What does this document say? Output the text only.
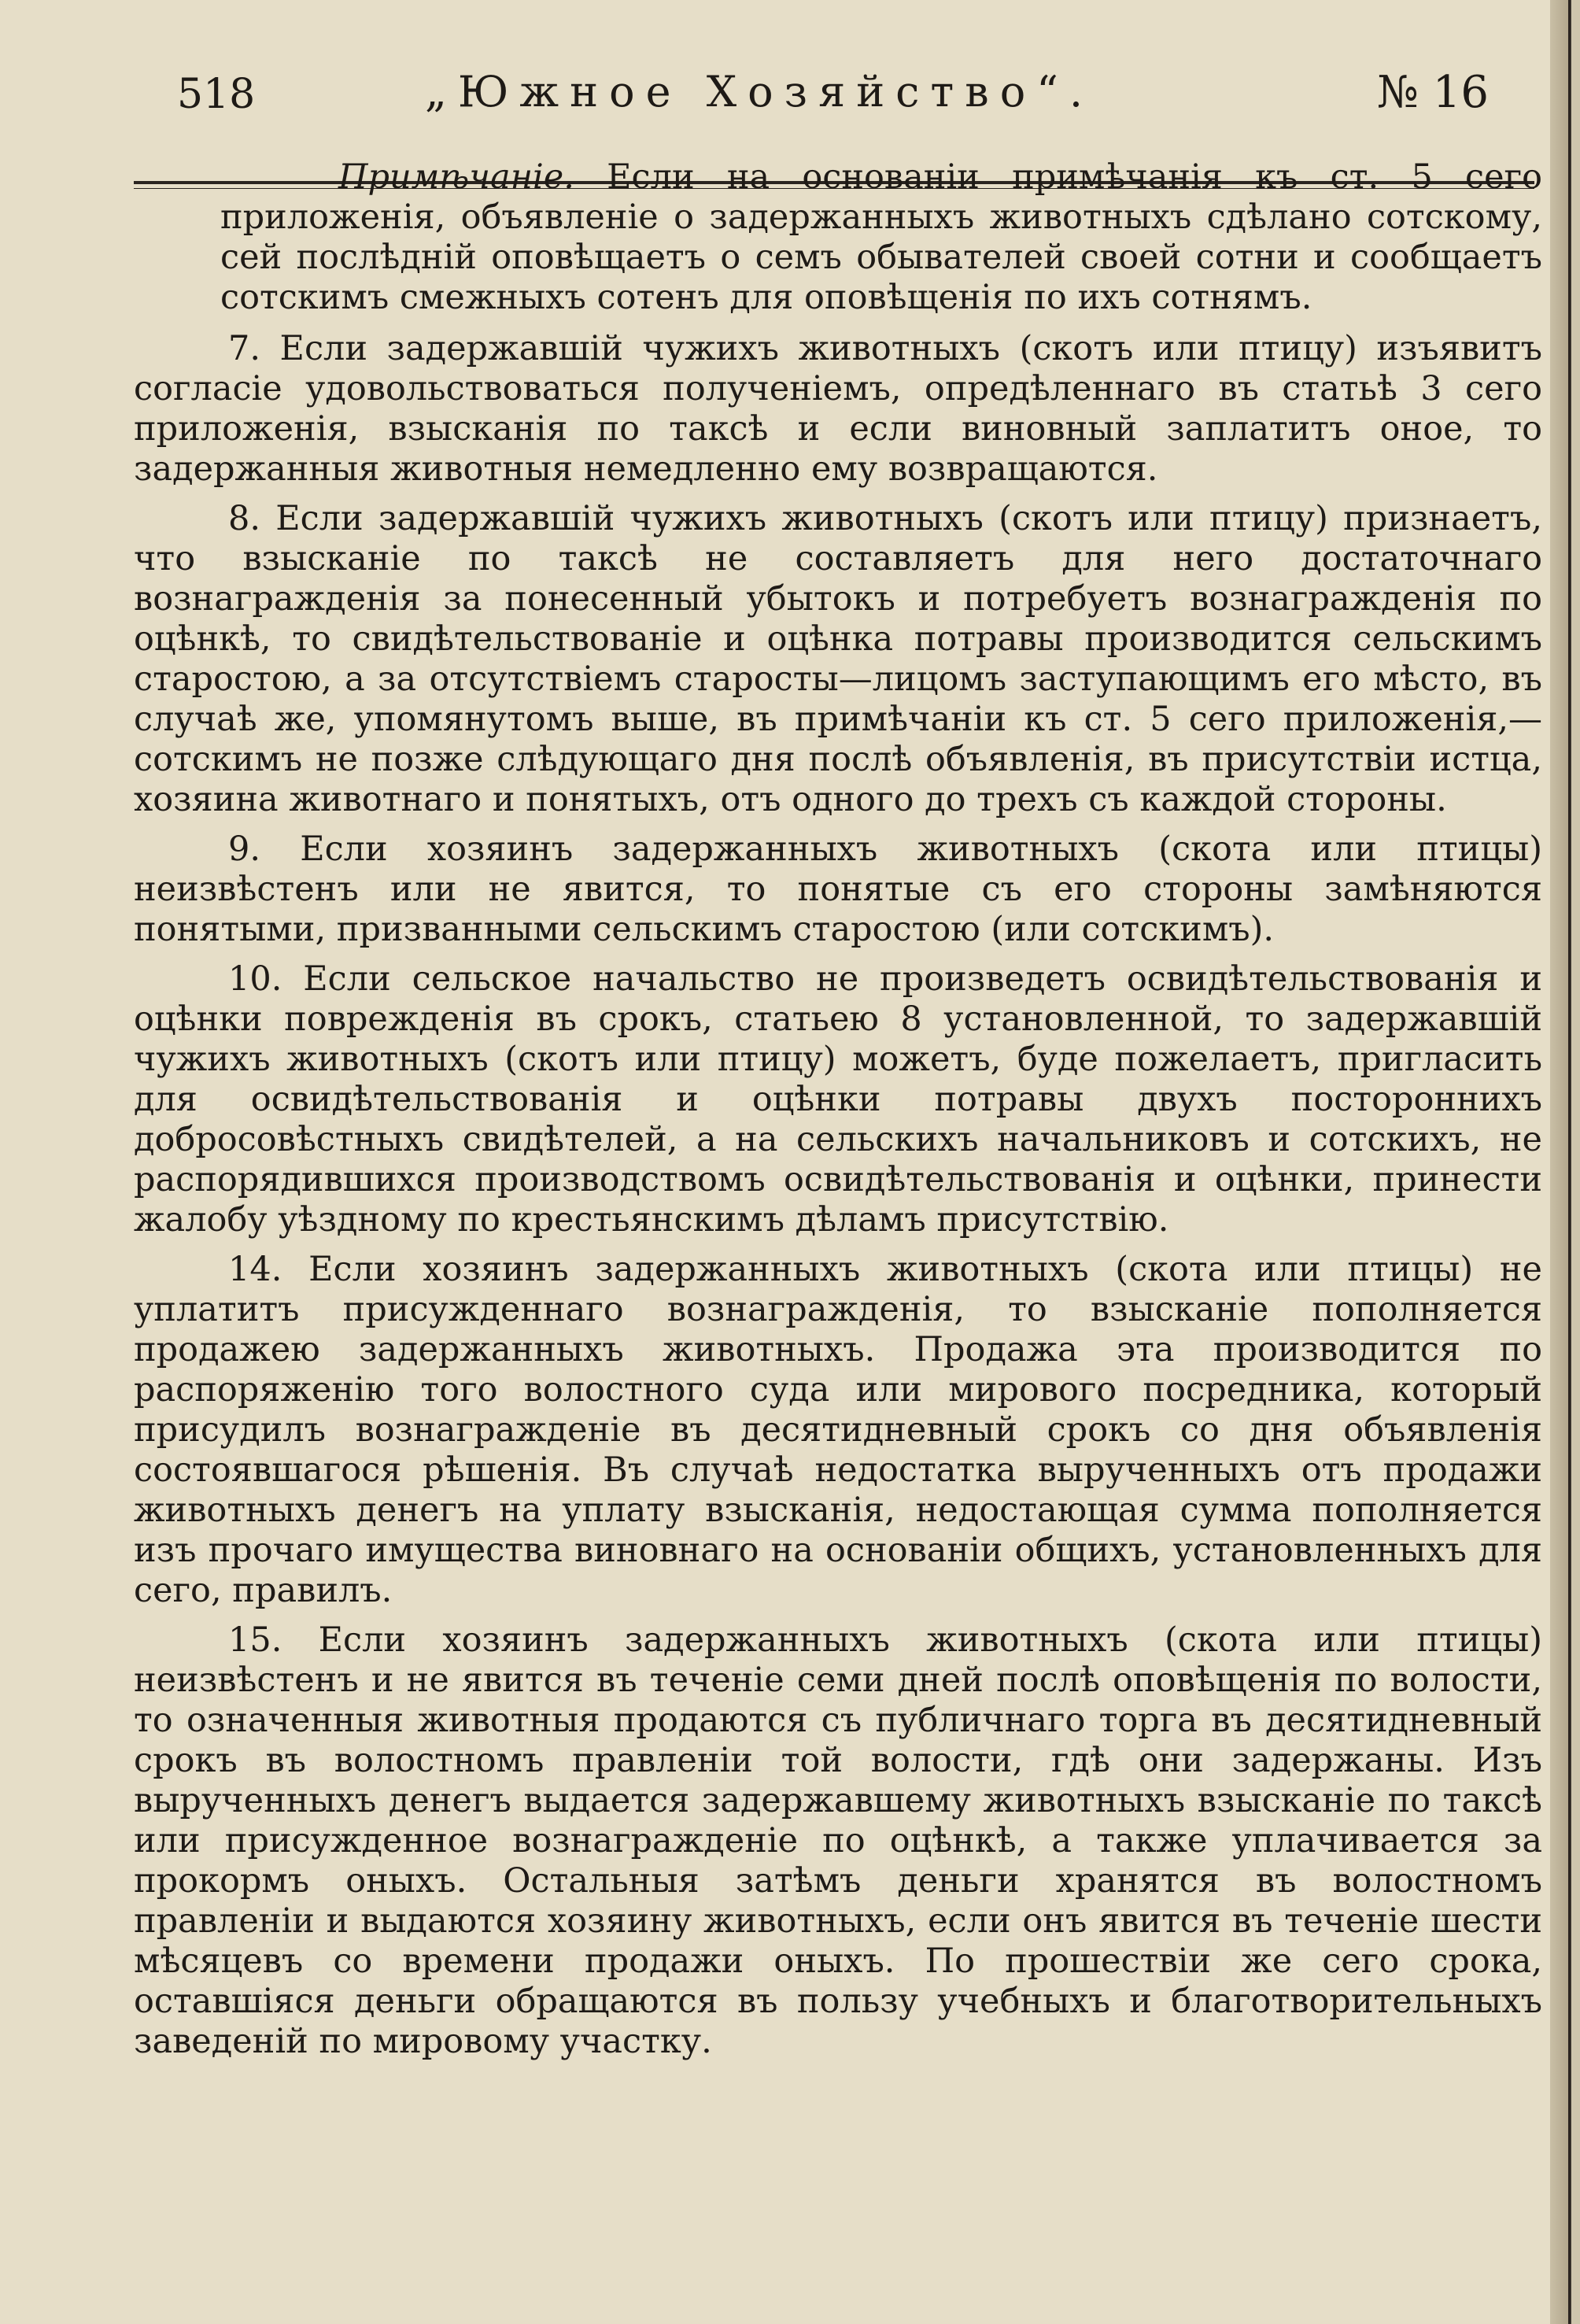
518	„Южное Хозяйство“.	№ 16

Примѣчаніе. Если на основаніи примѣчанія къ ст. 5 сего приложенія, объявленіе о задержанныхъ животныхъ сдѣлано сотскому, сей послѣдній оповѣщаетъ о семъ обывателей своей сотни и сообщаетъ сотскимъ смежныхъ сотенъ для оповѣщенія по ихъ сотнямъ.

7. Если задержавшій чужихъ животныхъ (скотъ или птицу) изъявитъ согласіе удовольствоваться полученіемъ, опредѣленнаго въ статьѣ 3 сего приложенія, взысканія по таксѣ и если виновный заплатитъ оное, то задержанныя животныя немедленно ему возвращаются.

8. Если задержавшій чужихъ животныхъ (скотъ или птицу) признаетъ, что взысканіе по таксѣ не составляетъ для него достаточнаго вознагражденія за понесенный убытокъ и потребуетъ вознагражденія по оцѣнкѣ, то свидѣтельствованіе и оцѣнка потравы производится сельскимъ старостою, а за отсутствіемъ старосты—лицомъ заступающимъ его мѣсто, въ случаѣ же, упомянутомъ выше, въ примѣчаніи къ ст. 5 сего приложенія,—сотскимъ не позже слѣдующаго дня послѣ объявленія, въ присутствіи истца, хозяина животнаго и понятыхъ, отъ одного до трехъ съ каждой стороны.

9. Если хозяинъ задержанныхъ животныхъ (скота или птицы) неизвѣстенъ или не явится, то понятые съ его стороны замѣняются понятыми, призванными сельскимъ старостою (или сотскимъ).

10. Если сельское начальство не произведетъ освидѣтельствованія и оцѣнки поврежденія въ срокъ, статьею 8 установленной, то задержавшій чужихъ животныхъ (скотъ или птицу) можетъ, буде пожелаетъ, пригласить для освидѣтельствованія и оцѣнки потравы двухъ постороннихъ добросовѣстныхъ свидѣтелей, а на сельскихъ начальниковъ и сотскихъ, не распорядившихся производствомъ освидѣтельствованія и оцѣнки, принести жалобу уѣздному по крестьянскимъ дѣламъ присутствію.

14. Если хозяинъ задержанныхъ животныхъ (скота или птицы) не уплатитъ присужденнаго вознагражденія, то взысканіе пополняется продажею задержанныхъ животныхъ. Продажа эта производится по распоряженію того волостного суда или мирового посредника, который присудилъ вознагражденіе въ десятидневный срокъ со дня объявленія состоявшагося рѣшенія. Въ случаѣ недостатка вырученныхъ отъ продажи животныхъ денегъ на уплату взысканія, недостающая сумма пополняется изъ прочаго имущества виновнаго на основаніи общихъ, установленныхъ для сего, правилъ.

15. Если хозяинъ задержанныхъ животныхъ (скота или птицы) неизвѣстенъ и не явится въ теченіе семи дней послѣ оповѣщенія по волости, то означенныя животныя продаются съ публичнаго торга въ десятидневный срокъ въ волостномъ правленіи той волости, гдѣ они задержаны. Изъ вырученныхъ денегъ выдается задержавшему животныхъ взысканіе по таксѣ или присужденное вознагражденіе по оцѣнкѣ, а также уплачивается за прокормъ оныхъ. Остальныя затѣмъ деньги хранятся въ волостномъ правленіи и выдаются хозяину животныхъ, если онъ явится въ теченіе шести мѣсяцевъ со времени продажи оныхъ. По прошествіи же сего срока, оставшіяся деньги обращаются въ пользу учебныхъ и благотворительныхъ заведеній по мировому участку.
